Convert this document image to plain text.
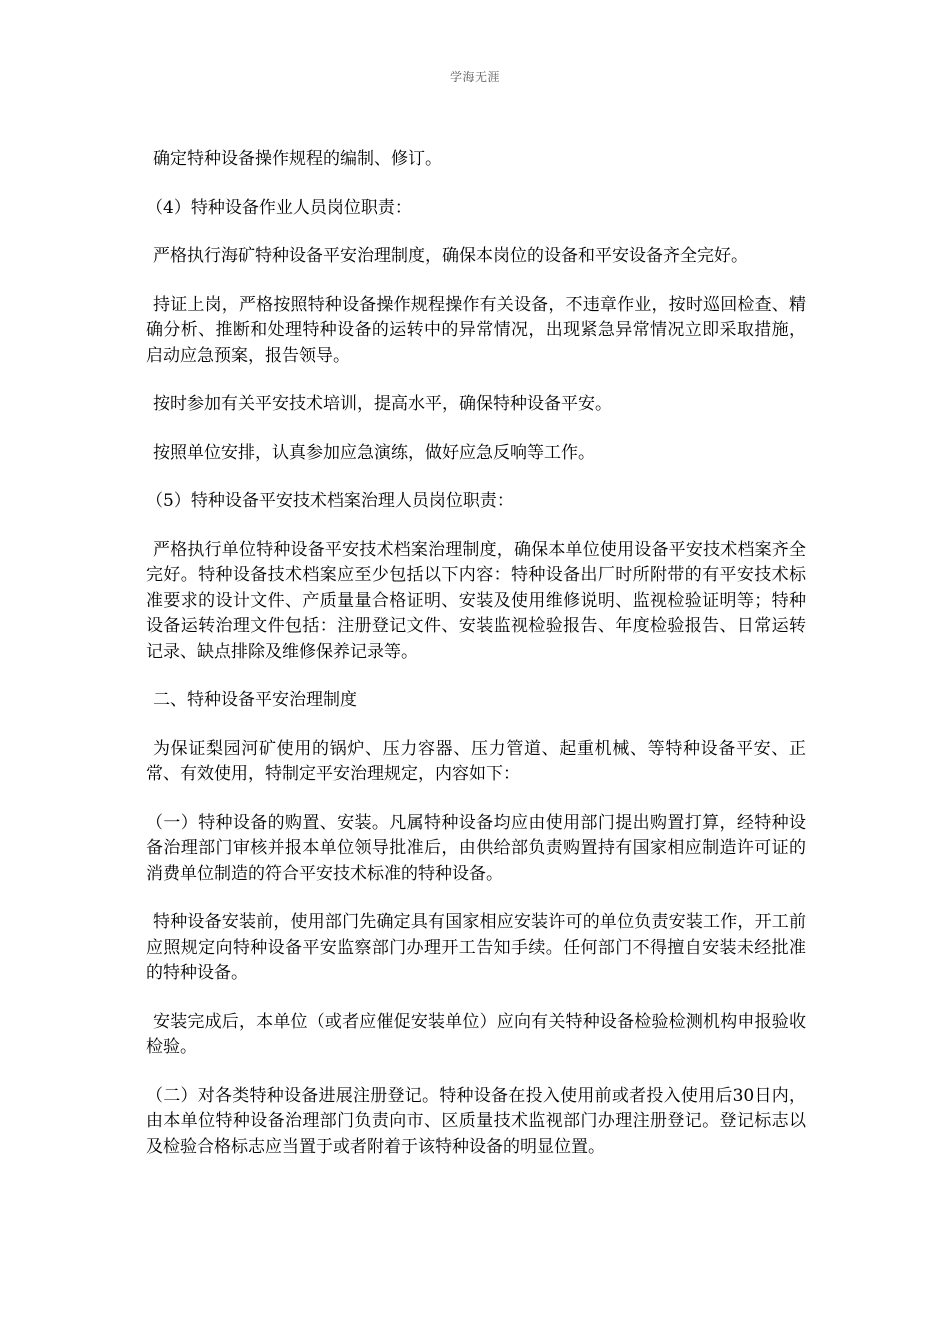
学海无涯

确定特种设备操作规程的编制、修订。

（4）特种设备作业人员岗位职责：

严格执行海矿特种设备平安治理制度，确保本岗位的设备和平安设备齐全完好。

持证上岗，严格按照特种设备操作规程操作有关设备，不违章作业，按时巡回检查、精确分析、推断和处理特种设备的运转中的异常情况，出现紧急异常情况立即采取措施，启动应急预案，报告领导。

按时参加有关平安技术培训，提高水平，确保特种设备平安。

按照单位安排，认真参加应急演练，做好应急反响等工作。

（5）特种设备平安技术档案治理人员岗位职责：

严格执行单位特种设备平安技术档案治理制度，确保本单位使用设备平安技术档案齐全完好。特种设备技术档案应至少包括以下内容：特种设备出厂时所附带的有平安技术标准要求的设计文件、产质量量合格证明、安装及使用维修说明、监视检验证明等；特种设备运转治理文件包括：注册登记文件、安装监视检验报告、年度检验报告、日常运转记录、缺点排除及维修保养记录等。

二、特种设备平安治理制度

为保证梨园河矿使用的锅炉、压力容器、压力管道、起重机械、等特种设备平安、正常、有效使用，特制定平安治理规定，内容如下：

（一）特种设备的购置、安装。凡属特种设备均应由使用部门提出购置打算，经特种设备治理部门审核并报本单位领导批准后，由供给部负责购置持有国家相应制造许可证的消费单位制造的符合平安技术标准的特种设备。

特种设备安装前，使用部门先确定具有国家相应安装许可的单位负责安装工作，开工前应照规定向特种设备平安监察部门办理开工告知手续。任何部门不得擅自安装未经批准的特种设备。

安装完成后，本单位（或者应催促安装单位）应向有关特种设备检验检测机构申报验收检验。

（二）对各类特种设备进展注册登记。特种设备在投入使用前或者投入使用后30日内，由本单位特种设备治理部门负责向市、区质量技术监视部门办理注册登记。登记标志以及检验合格标志应当置于或者附着于该特种设备的明显位置。
